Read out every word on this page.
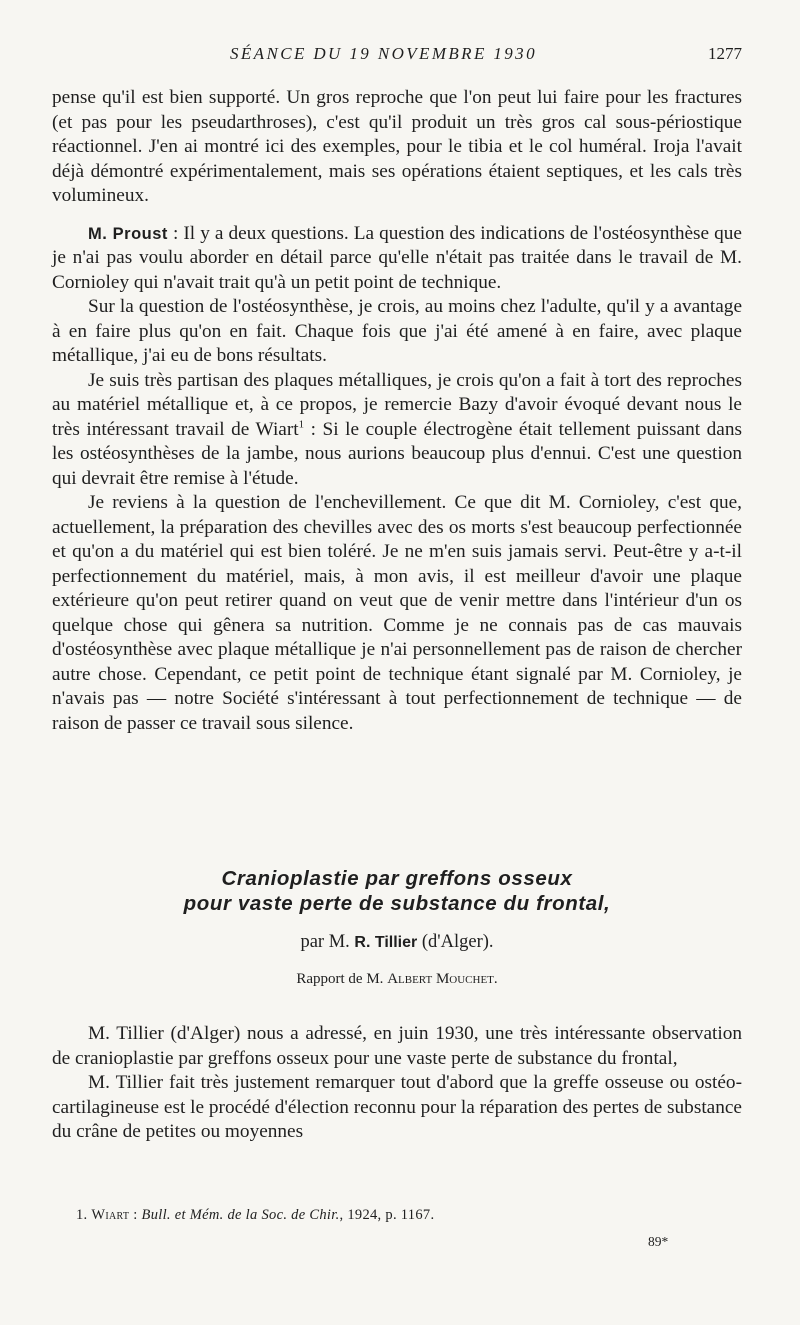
SÉANCE DU 19 NOVEMBRE 1930	1277

pense qu'il est bien supporté. Un gros reproche que l'on peut lui faire pour les fractures (et pas pour les pseudarthroses), c'est qu'il produit un très gros cal sous-périostique réactionnel. J'en ai montré ici des exemples, pour le tibia et le col huméral. Iroja l'avait déjà démontré expérimentalement, mais ses opérations étaient septiques, et les cals très volumineux.

M. Proust : Il y a deux questions. La question des indications de l'ostéosynthèse que je n'ai pas voulu aborder en détail parce qu'elle n'était pas traitée dans le travail de M. Cornioley qui n'avait trait qu'à un petit point de technique.

Sur la question de l'ostéosynthèse, je crois, au moins chez l'adulte, qu'il y a avantage à en faire plus qu'on en fait. Chaque fois que j'ai été amené à en faire, avec plaque métallique, j'ai eu de bons résultats.

Je suis très partisan des plaques métalliques, je crois qu'on a fait à tort des reproches au matériel métallique et, à ce propos, je remercie Bazy d'avoir évoqué devant nous le très intéressant travail de Wiart$^1$ : Si le couple électrogène était tellement puissant dans les ostéosynthèses de la jambe, nous aurions beaucoup plus d'ennui. C'est une question qui devrait être remise à l'étude.

Je reviens à la question de l'enchevillement. Ce que dit M. Cornioley, c'est que, actuellement, la préparation des chevilles avec des os morts s'est beaucoup perfectionnée et qu'on a du matériel qui est bien toléré. Je ne m'en suis jamais servi. Peut-être y a-t-il perfectionnement du matériel, mais, à mon avis, il est meilleur d'avoir une plaque extérieure qu'on peut retirer quand on veut que de venir mettre dans l'intérieur d'un os quelque chose qui gênera sa nutrition. Comme je ne connais pas de cas mauvais d'ostéosynthèse avec plaque métallique je n'ai personnellement pas de raison de chercher autre chose. Cependant, ce petit point de technique étant signalé par M. Cornioley, je n'avais pas — notre Société s'intéressant à tout perfectionnement de technique — de raison de passer ce travail sous silence.

Cranioplastie par greffons osseux
pour vaste perte de substance du frontal,
par M. R. Tillier (d'Alger).
Rapport de M. Albert Mouchet.

M. Tillier (d'Alger) nous a adressé, en juin 1930, une très intéressante observation de cranioplastie par greffons osseux pour une vaste perte de substance du frontal,

M. Tillier fait très justement remarquer tout d'abord que la greffe osseuse ou ostéo-cartilagineuse est le procédé d'élection reconnu pour la réparation des pertes de substance du crâne de petites ou moyennes

1. Wiart : Bull. et Mém. de la Soc. de Chir., 1924, p. 1167.
89*
